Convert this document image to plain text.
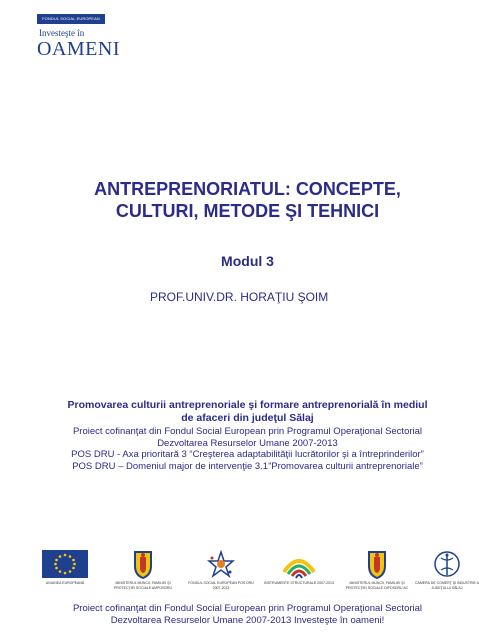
FONDUL SOCIAL EUROPEAN
Investeşte în
OAMENI
ANTREPRENORIATUL: CONCEPTE,
CULTURI, METODE ŞI TEHNICI
Modul 3
PROF.UNIV.DR. HORAŢIU ŞOIM
Promovarea culturii antreprenoriale şi formare antreprenorială în mediul
de afaceri din judeţul Sălaj
Proiect cofinanţat din Fondul Social European prin Programul Operaţional Sectorial
Dezvoltarea Resurselor Umane 2007-2013
POS DRU - Axa prioritară 3 “Creşterea adaptabilităţii lucrătorilor şi a întreprinderilor”
POS DRU – Domeniul major de intervenţie 3.1”Promovarea culturii antreprenoriale”
UNIUNEA EUROPEANĂ	MINISTERUL MUNCII, FAMILIEI ŞI PROTECŢIEI SOCIALE AMPOSDRU
FONDUL SOCIAL EUROPEAN POS DRU 2007-2013
INSTRUMENTE STRUCTURALE 2007-2013	MINISTERUL MUNCII, FAMILIEI ŞI PROTECŢIEI SOCIALE OIPOSDRU AC
CAMERA DE COMERŢ ŞI INDUSTRIE A JUDEŢULUI SĂLAJ
Proiect cofinanţat din Fondul Social European prin Programul Operaţional Sectorial
Dezvoltarea Resurselor Umane 2007-2013 Investeşte în oameni!
